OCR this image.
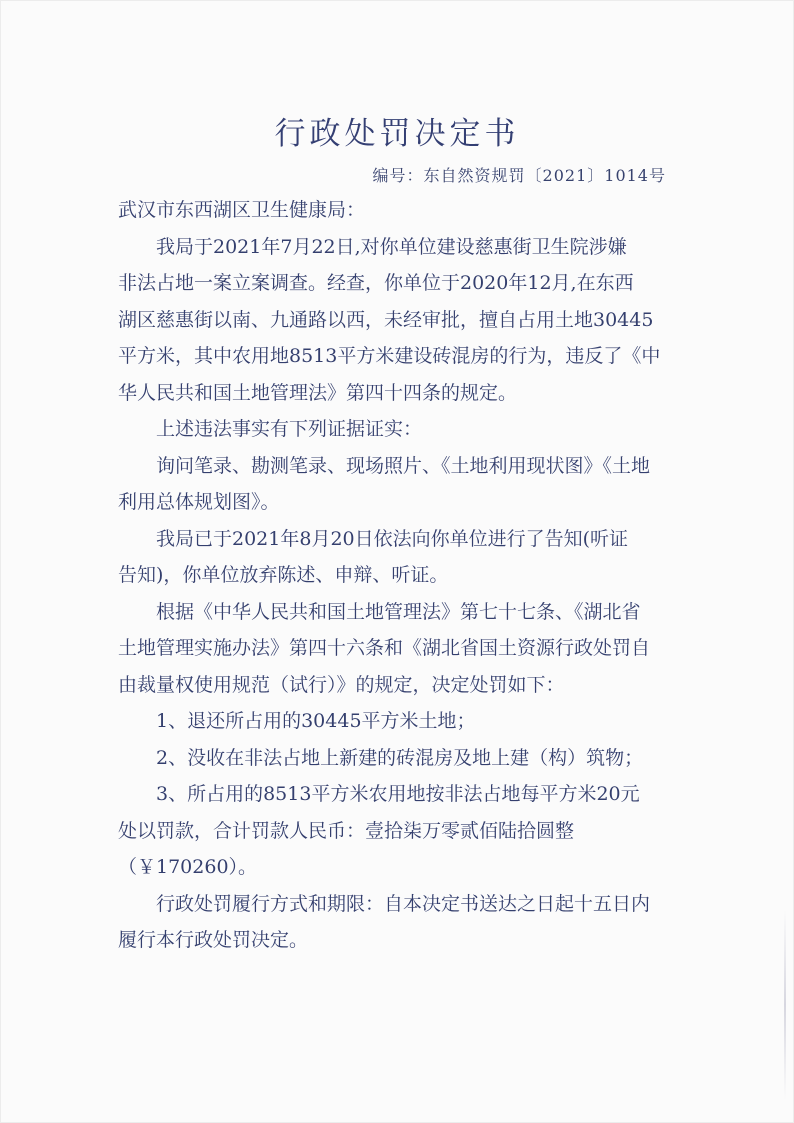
行政处罚决定书
编号：东自然资规罚〔2021〕1014号
武汉市东西湖区卫生健康局：
我局于2021年7月22日,对你单位建设慈惠街卫生院涉嫌
非法占地一案立案调查。经查，你单位于2020年12月,在东西
湖区慈惠街以南、九通路以西，未经审批，擅自占用土地30445
平方米，其中农用地8513平方米建设砖混房的行为，违反了《中
华人民共和国土地管理法》第四十四条的规定。
上述违法事实有下列证据证实：
询问笔录、勘测笔录、现场照片、《土地利用现状图》《土地
利用总体规划图》。
我局已于2021年8月20日依法向你单位进行了告知(听证
告知)，你单位放弃陈述、申辩、听证。
根据《中华人民共和国土地管理法》第七十七条、《湖北省
土地管理实施办法》第四十六条和《湖北省国土资源行政处罚自
由裁量权使用规范（试行）》的规定，决定处罚如下：
1、退还所占用的30445平方米土地；
2、没收在非法占地上新建的砖混房及地上建（构）筑物；
3、所占用的8513平方米农用地按非法占地每平方米20元
处以罚款，合计罚款人民币：壹拾柒万零贰佰陆拾圆整
（￥170260）。
行政处罚履行方式和期限：自本决定书送达之日起十五日内
履行本行政处罚决定。
